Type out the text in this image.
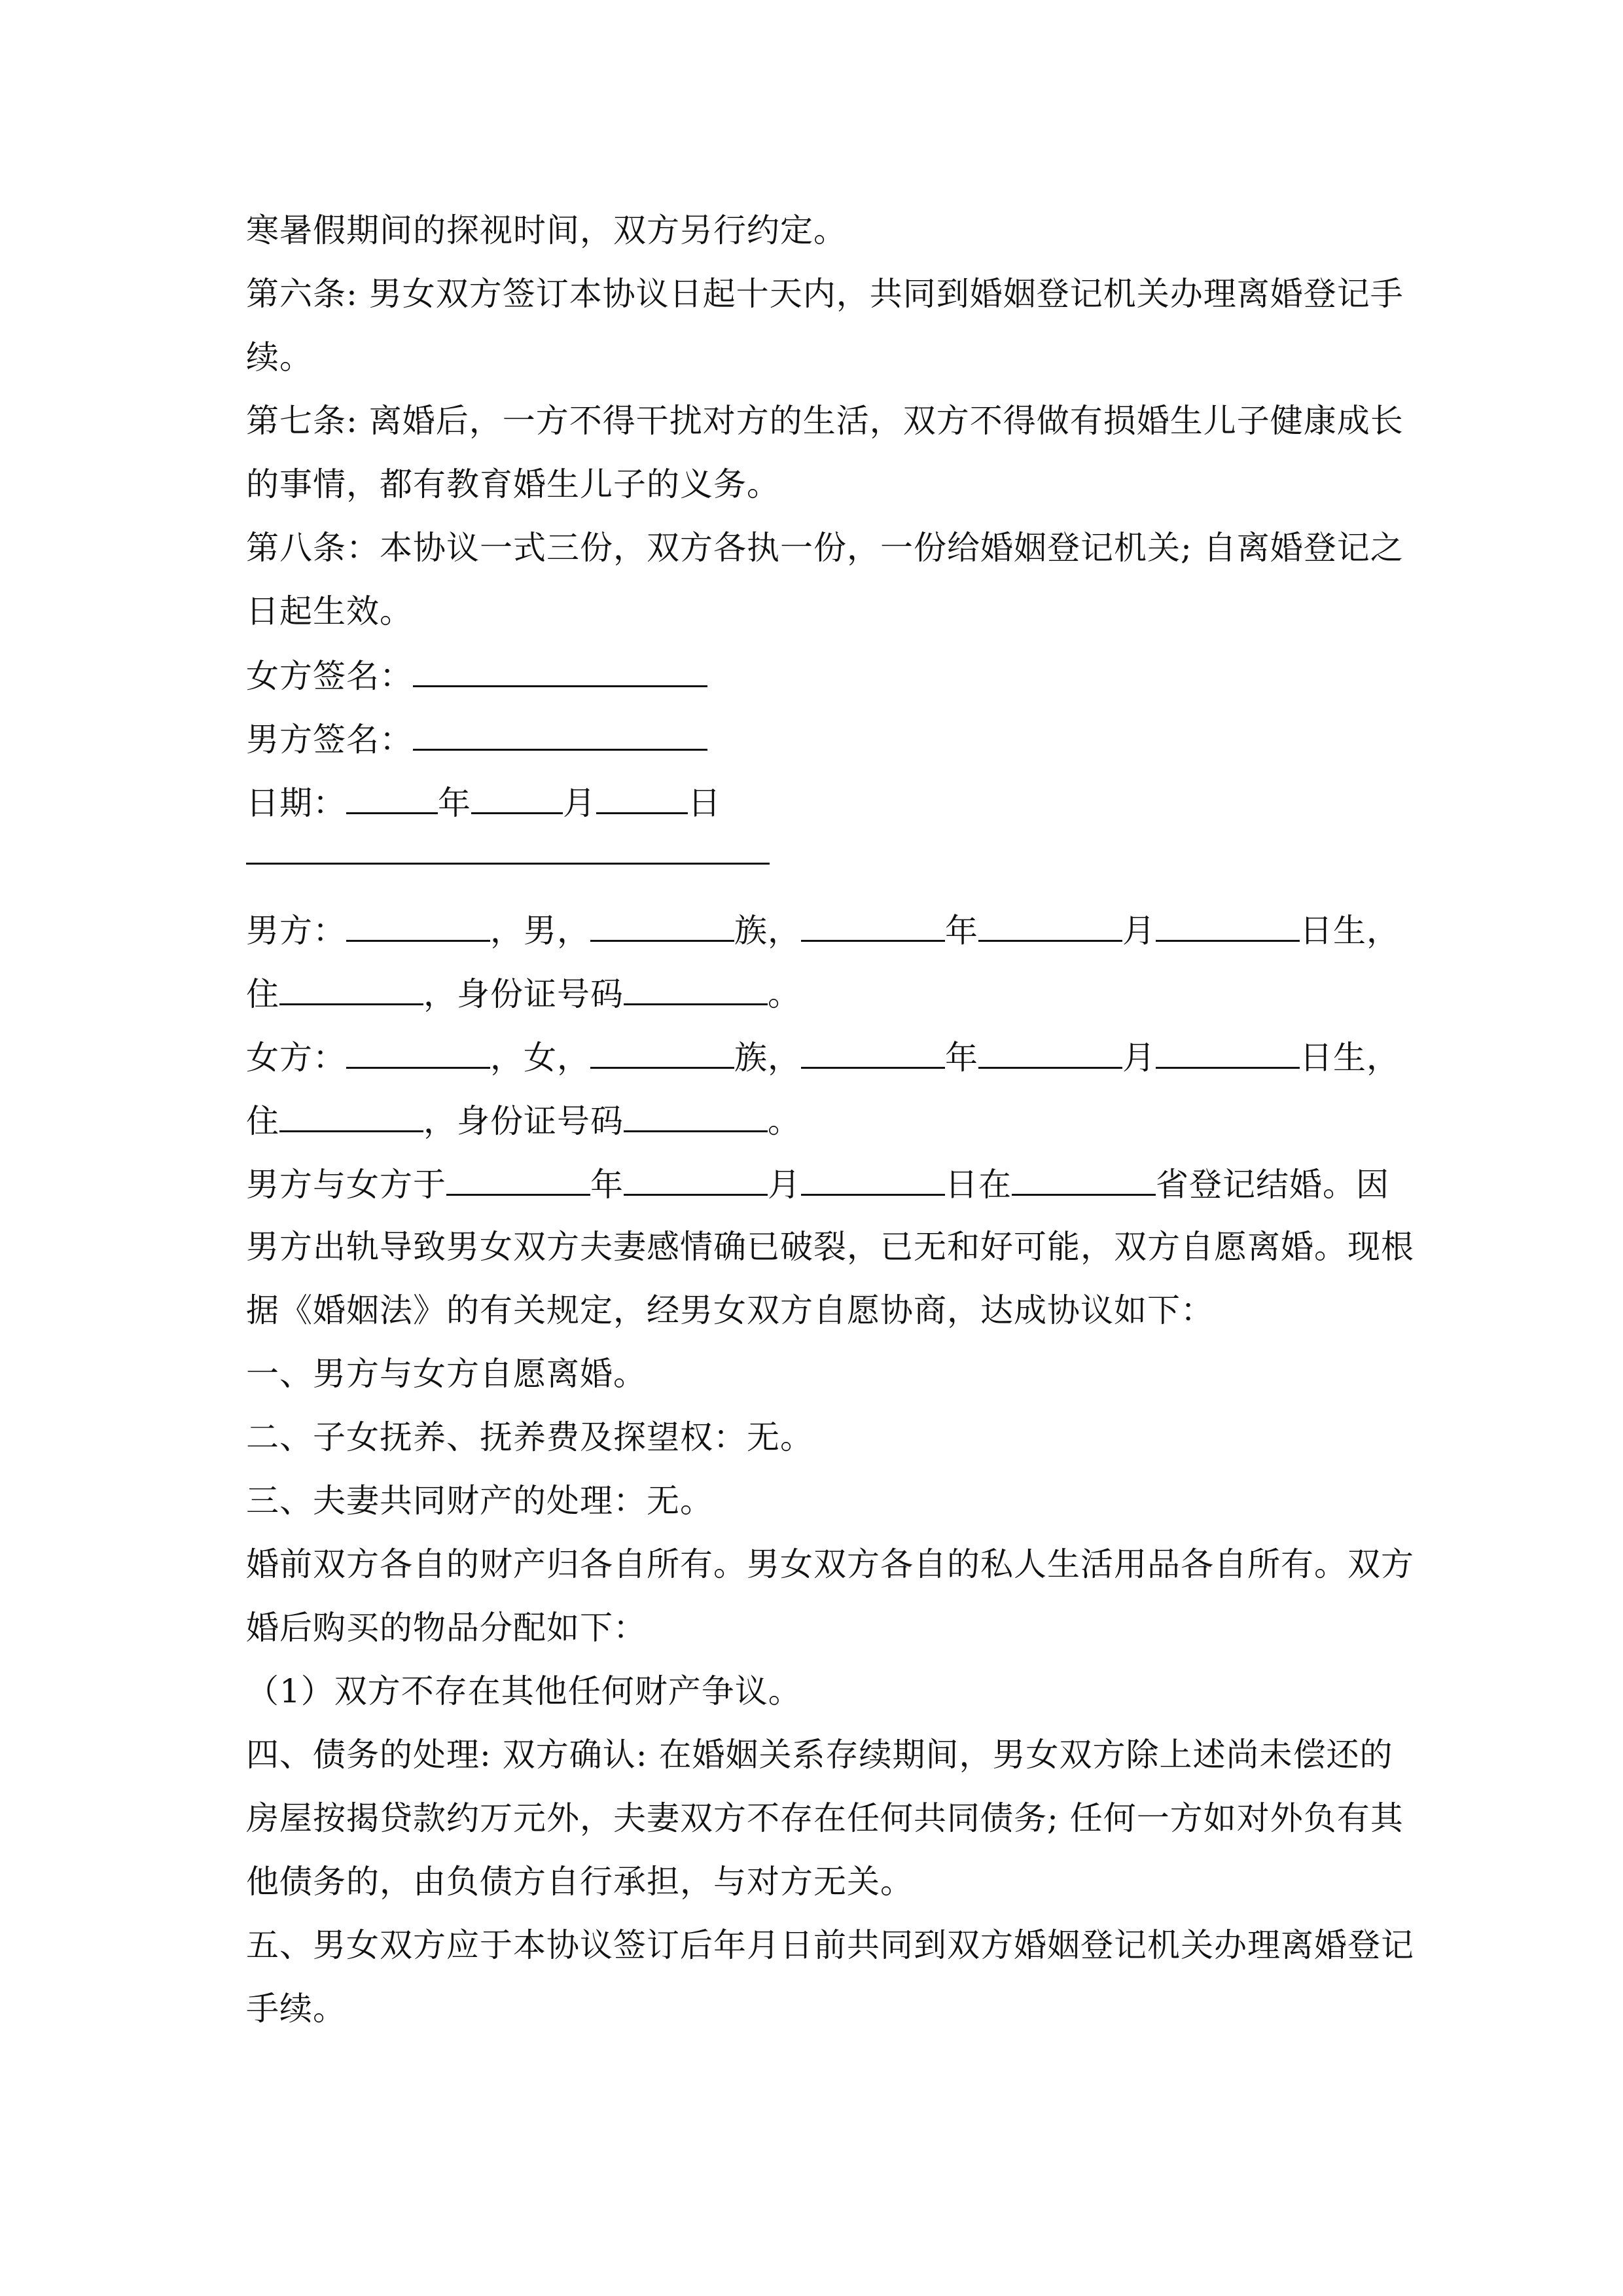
寒暑假期间的探视时间，双方另行约定。
第六条: 男女双方签订本协议日起十天内，共同到婚姻登记机关办理离婚登记手
续。
第七条: 离婚后，一方不得干扰对方的生活，双方不得做有损婚生儿子健康成长
的事情，都有教育婚生儿子的义务。
第八条：本协议一式三份，双方各执一份，一份给婚姻登记机关; 自离婚登记之
日起生效。
女方签名：
男方签名：
日期：	年	月	日
男方：	，男，	族，	年	月	日生，
住	，身份证号码	。
女方：	，女，	族，	年	月	日生，
住	，身份证号码	。
男方与女方于	年	月	日在	省登记结婚。因
男方出轨导致男女双方夫妻感情确已破裂，已无和好可能，双方自愿离婚。现根
据《婚姻法》的有关规定，经男女双方自愿协商，达成协议如下：
一、男方与女方自愿离婚。
二、子女抚养、抚养费及探望权：无。
三、夫妻共同财产的处理：无。
婚前双方各自的财产归各自所有。男女双方各自的私人生活用品各自所有。双方
婚后购买的物品分配如下：
（1）双方不存在其他任何财产争议。
四、债务的处理: 双方确认: 在婚姻关系存续期间，男女双方除上述尚未偿还的
房屋按揭贷款约万元外，夫妻双方不存在任何共同债务; 任何一方如对外负有其
他债务的，由负债方自行承担，与对方无关。
五、男女双方应于本协议签订后年月日前共同到双方婚姻登记机关办理离婚登记
手续。
